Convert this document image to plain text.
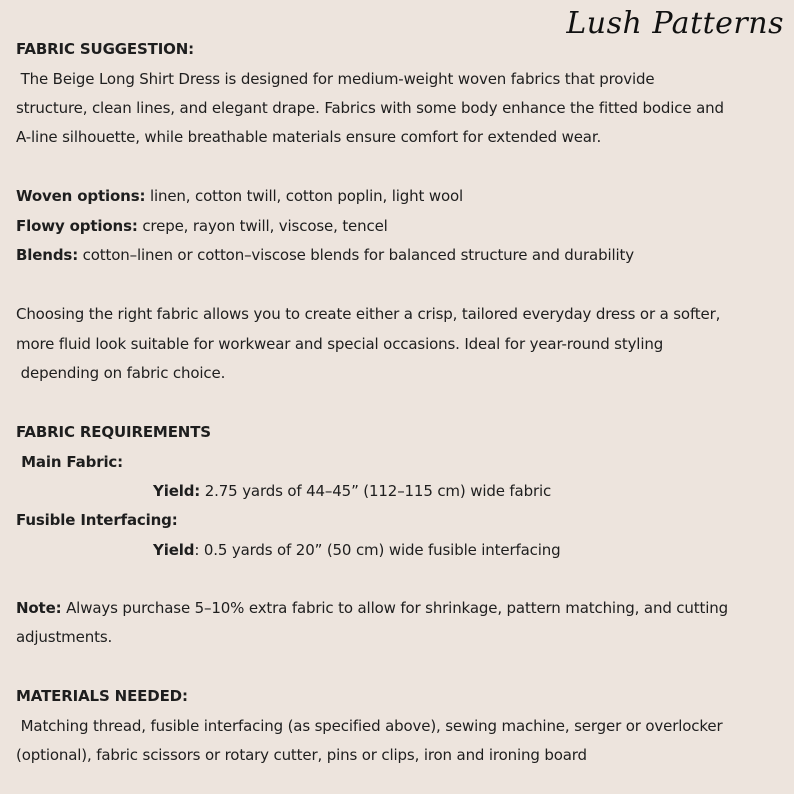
Lush Patterns
FABRIC SUGGESTION:
The Beige Long Shirt Dress is designed for medium-weight woven fabrics that provide
structure, clean lines, and elegant drape. Fabrics with some body enhance the fitted bodice and
A-line silhouette, while breathable materials ensure comfort for extended wear.
Woven options: linen, cotton twill, cotton poplin, light wool
Flowy options: crepe, rayon twill, viscose, tencel
Blends: cotton–linen or cotton–viscose blends for balanced structure and durability
Choosing the right fabric allows you to create either a crisp, tailored everyday dress or a softer,
more fluid look suitable for workwear and special occasions. Ideal for year-round styling
depending on fabric choice.
FABRIC REQUIREMENTS
Main Fabric:
Yield: 2.75 yards of 44–45” (112–115 cm) wide fabric
Fusible Interfacing:
Yield: 0.5 yards of 20” (50 cm) wide fusible interfacing
Note: Always purchase 5–10% extra fabric to allow for shrinkage, pattern matching, and cutting
adjustments.
MATERIALS NEEDED:
Matching thread, fusible interfacing (as specified above), sewing machine, serger or overlocker
(optional), fabric scissors or rotary cutter, pins or clips, iron and ironing board
